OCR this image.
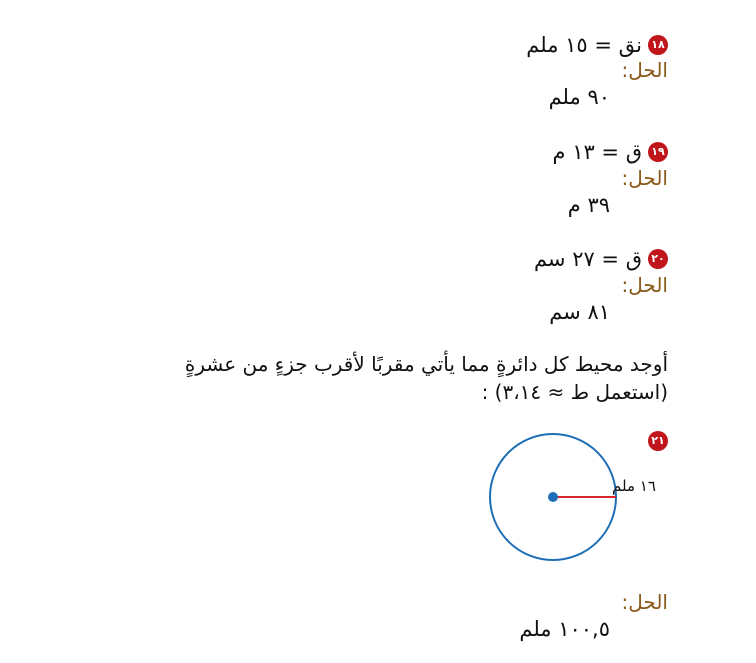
١٨
نق = ١٥ ملم
الحل:
٩٠ ملم
١٩
ق = ١٣ م
الحل:
٣٩ م
٢٠
ق = ٢٧ سم
الحل:
٨١ سم
أوجد محيط كل دائرةٍ مما يأتي مقربًا لأقرب جزءٍ من عشرةٍ
(استعمل ط ≈ ٣،١٤) :
٢١
١٦ ملم
الحل:
١٠٠,٥ ملم
